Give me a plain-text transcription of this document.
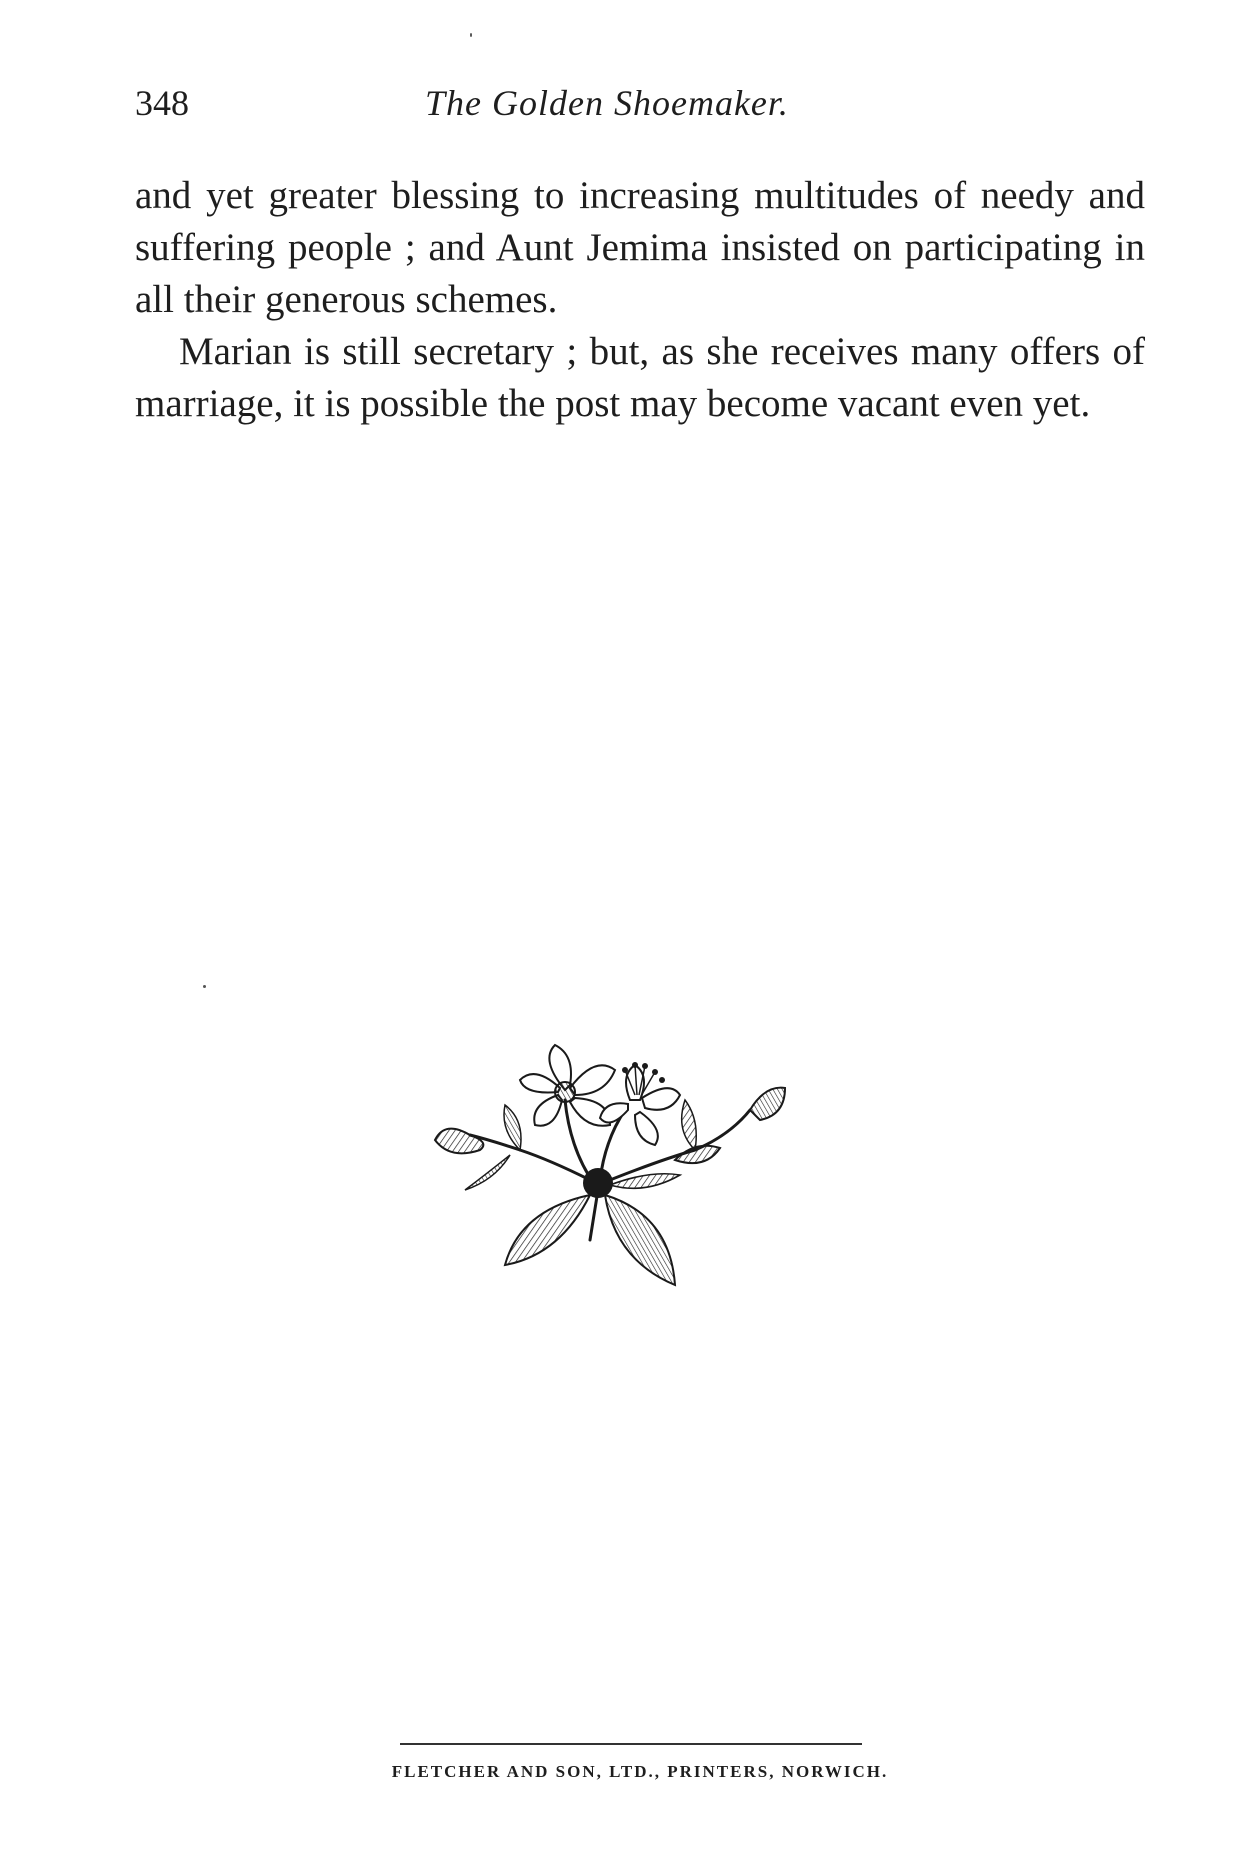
348	The Golden Shoemaker.

and yet greater blessing to increasing multitudes of needy and suffering people ; and Aunt Jemima insisted on participating in all their generous schemes.

Marian is still secretary ; but, as she receives many offers of marriage, it is possible the post may become vacant even yet.

FLETCHER AND SON, LTD., PRINTERS, NORWICH.
